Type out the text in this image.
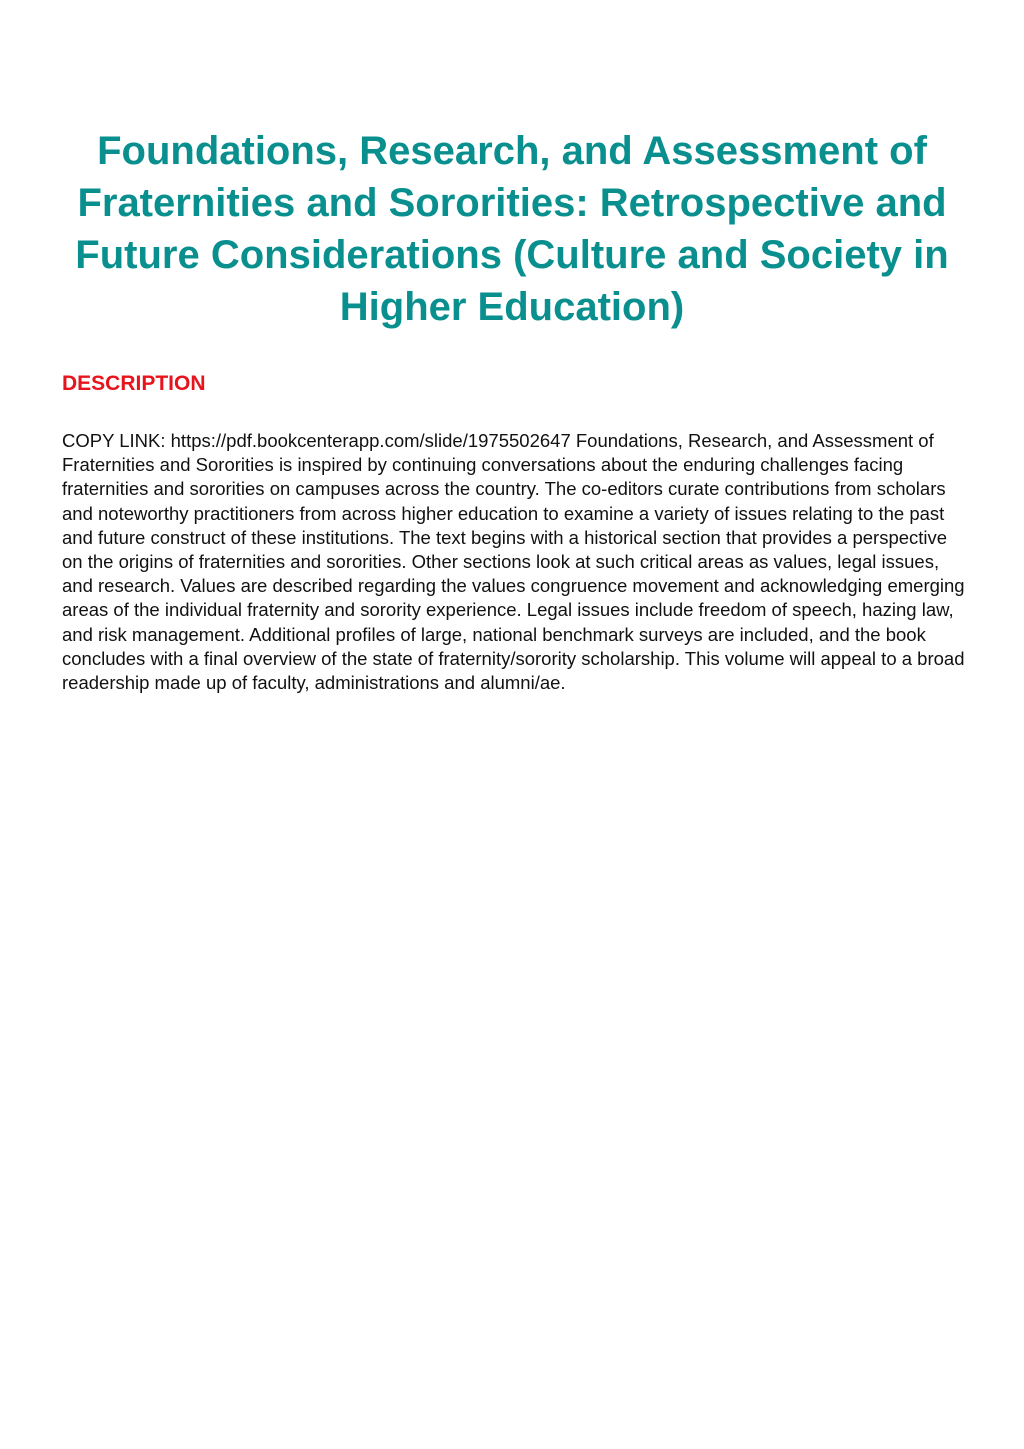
Foundations, Research, and Assessment of Fraternities and Sororities: Retrospective and Future Considerations (Culture and Society in Higher Education)
DESCRIPTION

COPY LINK: https://pdf.bookcenterapp.com/slide/1975502647 Foundations, Research, and Assessment of Fraternities and Sororities is inspired by continuing conversations about the enduring challenges facing fraternities and sororities on campuses across the country. The co-editors curate contributions from scholars and noteworthy practitioners from across higher education to examine a variety of issues relating to the past and future construct of these institutions. The text begins with a historical section that provides a perspective on the origins of fraternities and sororities. Other sections look at such critical areas as values, legal issues, and research. Values are described regarding the values congruence movement and acknowledging emerging areas of the individual fraternity and sorority experience. Legal issues include freedom of speech, hazing law, and risk management. Additional profiles of large, national benchmark surveys are included, and the book concludes with a final overview of the state of fraternity/sorority scholarship. This volume will appeal to a broad readership made up of faculty, administrations and alumni/ae.
